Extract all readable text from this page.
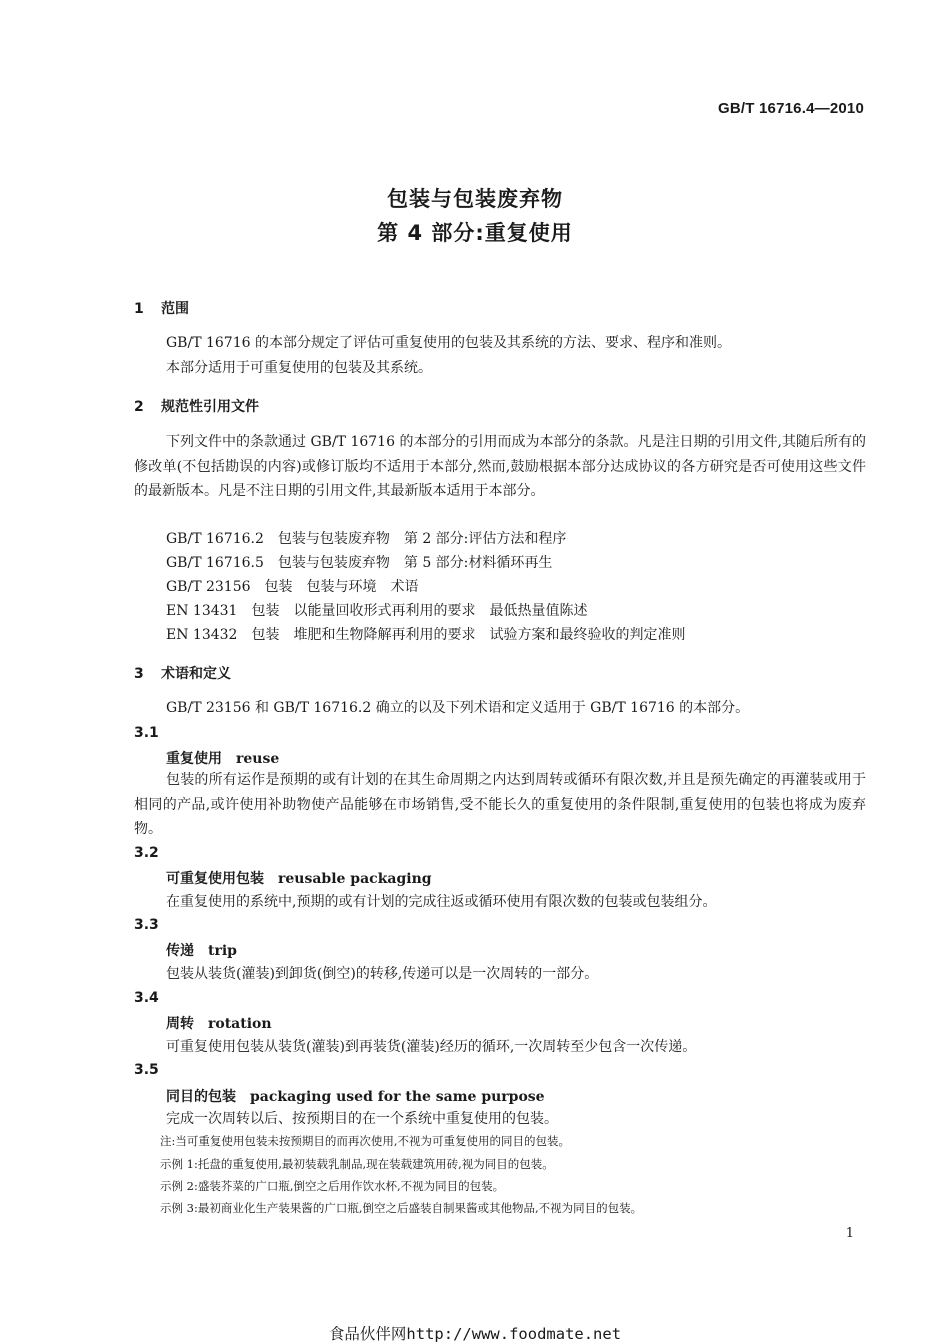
GB/T 16716.4—2010
包装与包装废弃物
第 4 部分:重复使用
1 范围
GB/T 16716 的本部分规定了评估可重复使用的包装及其系统的方法、要求、程序和准则。
本部分适用于可重复使用的包装及其系统。
2 规范性引用文件
下列文件中的条款通过 GB/T 16716 的本部分的引用而成为本部分的条款。凡是注日期的引用文件,其随后所有的修改单(不包括勘误的内容)或修订版均不适用于本部分,然而,鼓励根据本部分达成协议的各方研究是否可使用这些文件的最新版本。凡是不注日期的引用文件,其最新版本适用于本部分。
GB/T 16716.2　包装与包装废弃物　第 2 部分:评估方法和程序
GB/T 16716.5　包装与包装废弃物　第 5 部分:材料循环再生
GB/T 23156　包装　包装与环境　术语
EN 13431　包装　以能量回收形式再利用的要求　最低热量值陈述
EN 13432　包装　堆肥和生物降解再利用的要求　试验方案和最终验收的判定准则
3 术语和定义
GB/T 23156 和 GB/T 16716.2 确立的以及下列术语和定义适用于 GB/T 16716 的本部分。
3.1
重复使用 reuse
包装的所有运作是预期的或有计划的在其生命周期之内达到周转或循环有限次数,并且是预先确定的再灌装或用于相同的产品,或许使用补助物使产品能够在市场销售,受不能长久的重复使用的条件限制,重复使用的包装也将成为废弃物。
3.2
可重复使用包装 reusable packaging
在重复使用的系统中,预期的或有计划的完成往返或循环使用有限次数的包装或包装组分。
3.3
传递 trip
包装从装货(灌装)到卸货(倒空)的转移,传递可以是一次周转的一部分。
3.4
周转 rotation
可重复使用包装从装货(灌装)到再装货(灌装)经历的循环,一次周转至少包含一次传递。
3.5
同目的包装 packaging used for the same purpose
完成一次周转以后、按预期目的在一个系统中重复使用的包装。
注:当可重复使用包装未按预期目的而再次使用,不视为可重复使用的同目的包装。
示例 1:托盘的重复使用,最初装载乳制品,现在装载建筑用砖,视为同目的包装。
示例 2:盛装芥菜的广口瓶,倒空之后用作饮水杯,不视为同目的包装。
示例 3:最初商业化生产装果酱的广口瓶,倒空之后盛装自制果酱或其他物品,不视为同目的包装。
1
食品伙伴网http://www.foodmate.net
